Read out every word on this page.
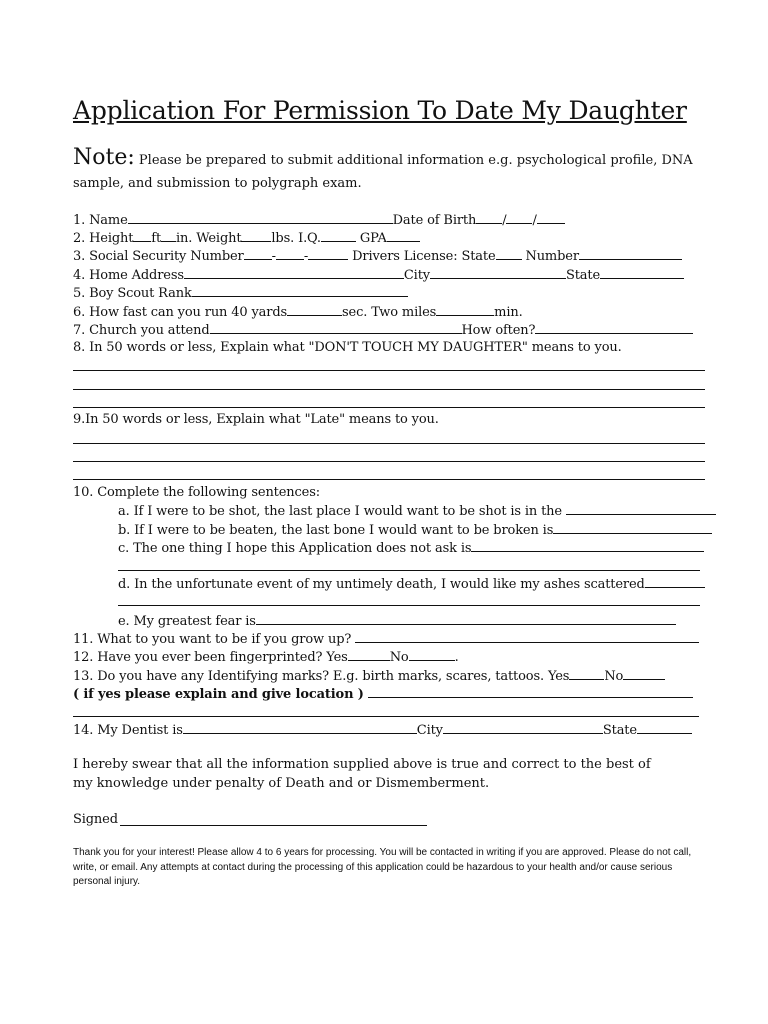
Application For Permission To Date My Daughter
Note: Please be prepared to submit additional information e.g. psychological profile, DNA sample, and submission to polygraph exam.
1. Name	Date of Birth / /
2. Height ft in. Weight lbs. I.Q.	GPA
3. Social Security Number - -	Drivers License: State Number
4. Home Address	City	State
5. Boy Scout Rank
6. How fast can you run 40 yards	sec. Two miles	min.
7. Church you attend	How often?
8. In 50 words or less, Explain what "DON'T TOUCH MY DAUGHTER" means to you.
9.In 50 words or less, Explain what "Late" means to you.
10. Complete the following sentences:
a. If I were to be shot, the last place I would want to be shot is in the
b. If I were to be beaten, the last bone I would want to be broken is
c. The one thing I hope this Application does not ask is
d. In the unfortunate event of my untimely death, I would like my ashes scattered
e. My greatest fear is
11. What to you want to be if you grow up?
12. Have you ever been fingerprinted? Yes	No	.
13. Do you have any Identifying marks? E.g. birth marks, scares, tattoos. Yes	No
( if yes please explain and give location )
14. My Dentist is	City	State
I hereby swear that all the information supplied above is true and correct to the best of my knowledge under penalty of Death and or Dismemberment.
Signed
Thank you for your interest! Please allow 4 to 6 years for processing. You will be contacted in writing if you are approved. Please do not call, write, or email. Any attempts at contact during the processing of this application could be hazardous to your health and/or cause serious personal injury.
